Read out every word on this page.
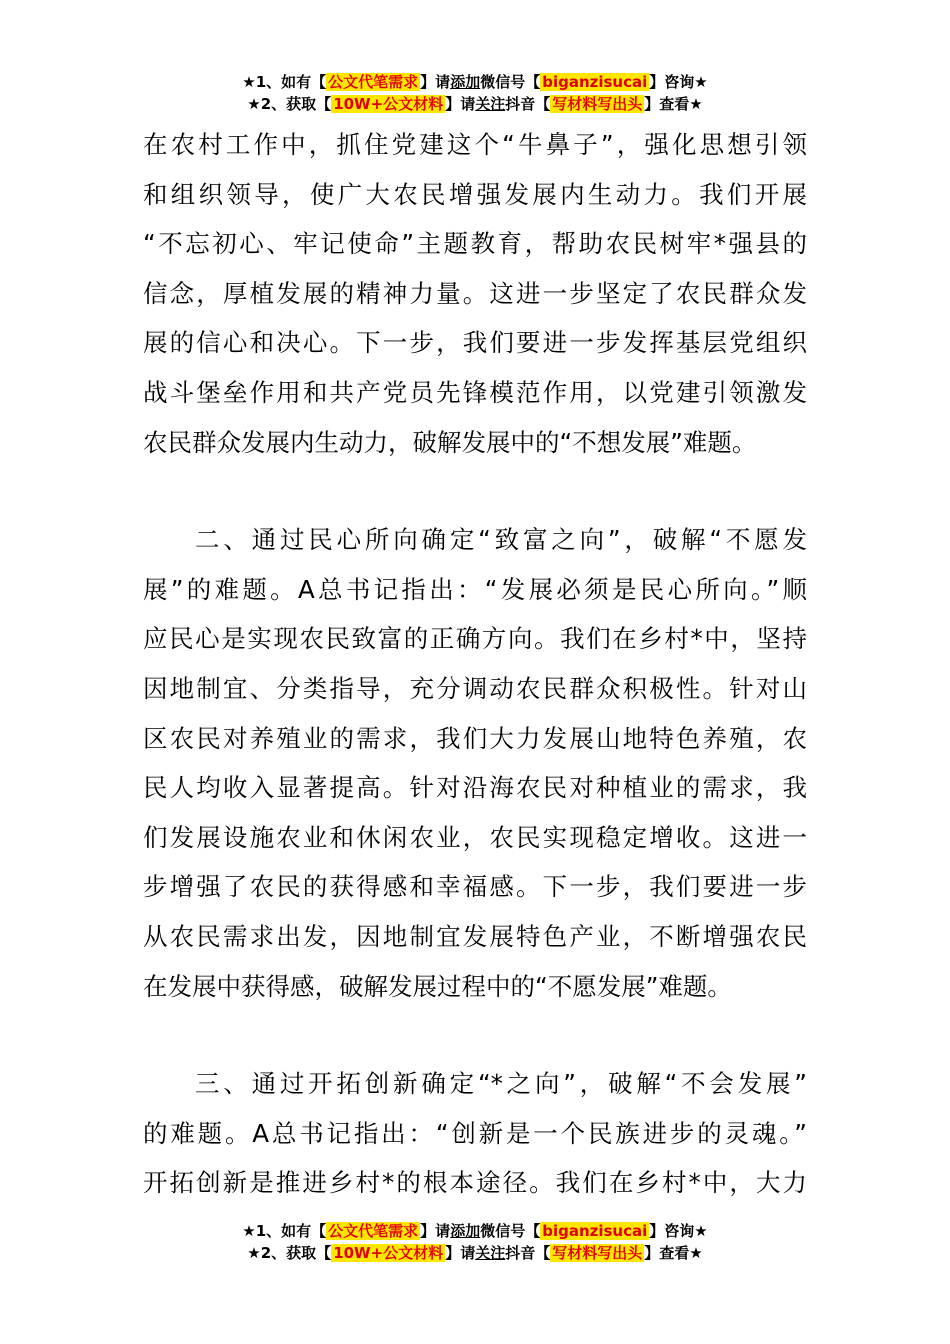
★1、如有【 公文代笔需求 】请添加微信号【 biganzisucai 】咨询★
★2、获取【 10W+公文材料 】请关注抖音【 写材料写出头 】查看★
在农村工作中，抓住党建这个“牛鼻子”，强化思想引领
和组织领导，使广大农民增强发展内生动力。我们开展
“不忘初心、牢记使命”主题教育，帮助农民树牢*强县的
信念，厚植发展的精神力量。这进一步坚定了农民群众发
展的信心和决心。下一步，我们要进一步发挥基层党组织
战斗堡垒作用和共产党员先锋模范作用，以党建引领激发
农民群众发展内生动力，破解发展中的“不想发展”难题。
二、通过民心所向确定“致富之向”，破解“不愿发
展”的难题。A总书记指出：“发展必须是民心所向。”顺
应民心是实现农民致富的正确方向。我们在乡村*中，坚持
因地制宜、分类指导，充分调动农民群众积极性。针对山
区农民对养殖业的需求，我们大力发展山地特色养殖，农
民人均收入显著提高。针对沿海农民对种植业的需求，我
们发展设施农业和休闲农业，农民实现稳定增收。这进一
步增强了农民的获得感和幸福感。下一步，我们要进一步
从农民需求出发，因地制宜发展特色产业，不断增强农民
在发展中获得感，破解发展过程中的“不愿发展”难题。
三、通过开拓创新确定“*之向”，破解“不会发展”
的难题。A总书记指出：“创新是一个民族进步的灵魂。”
开拓创新是推进乡村*的根本途径。我们在乡村*中，大力
★1、如有【 公文代笔需求 】请添加微信号【 biganzisucai 】咨询★
★2、获取【 10W+公文材料 】请关注抖音【 写材料写出头 】查看★
